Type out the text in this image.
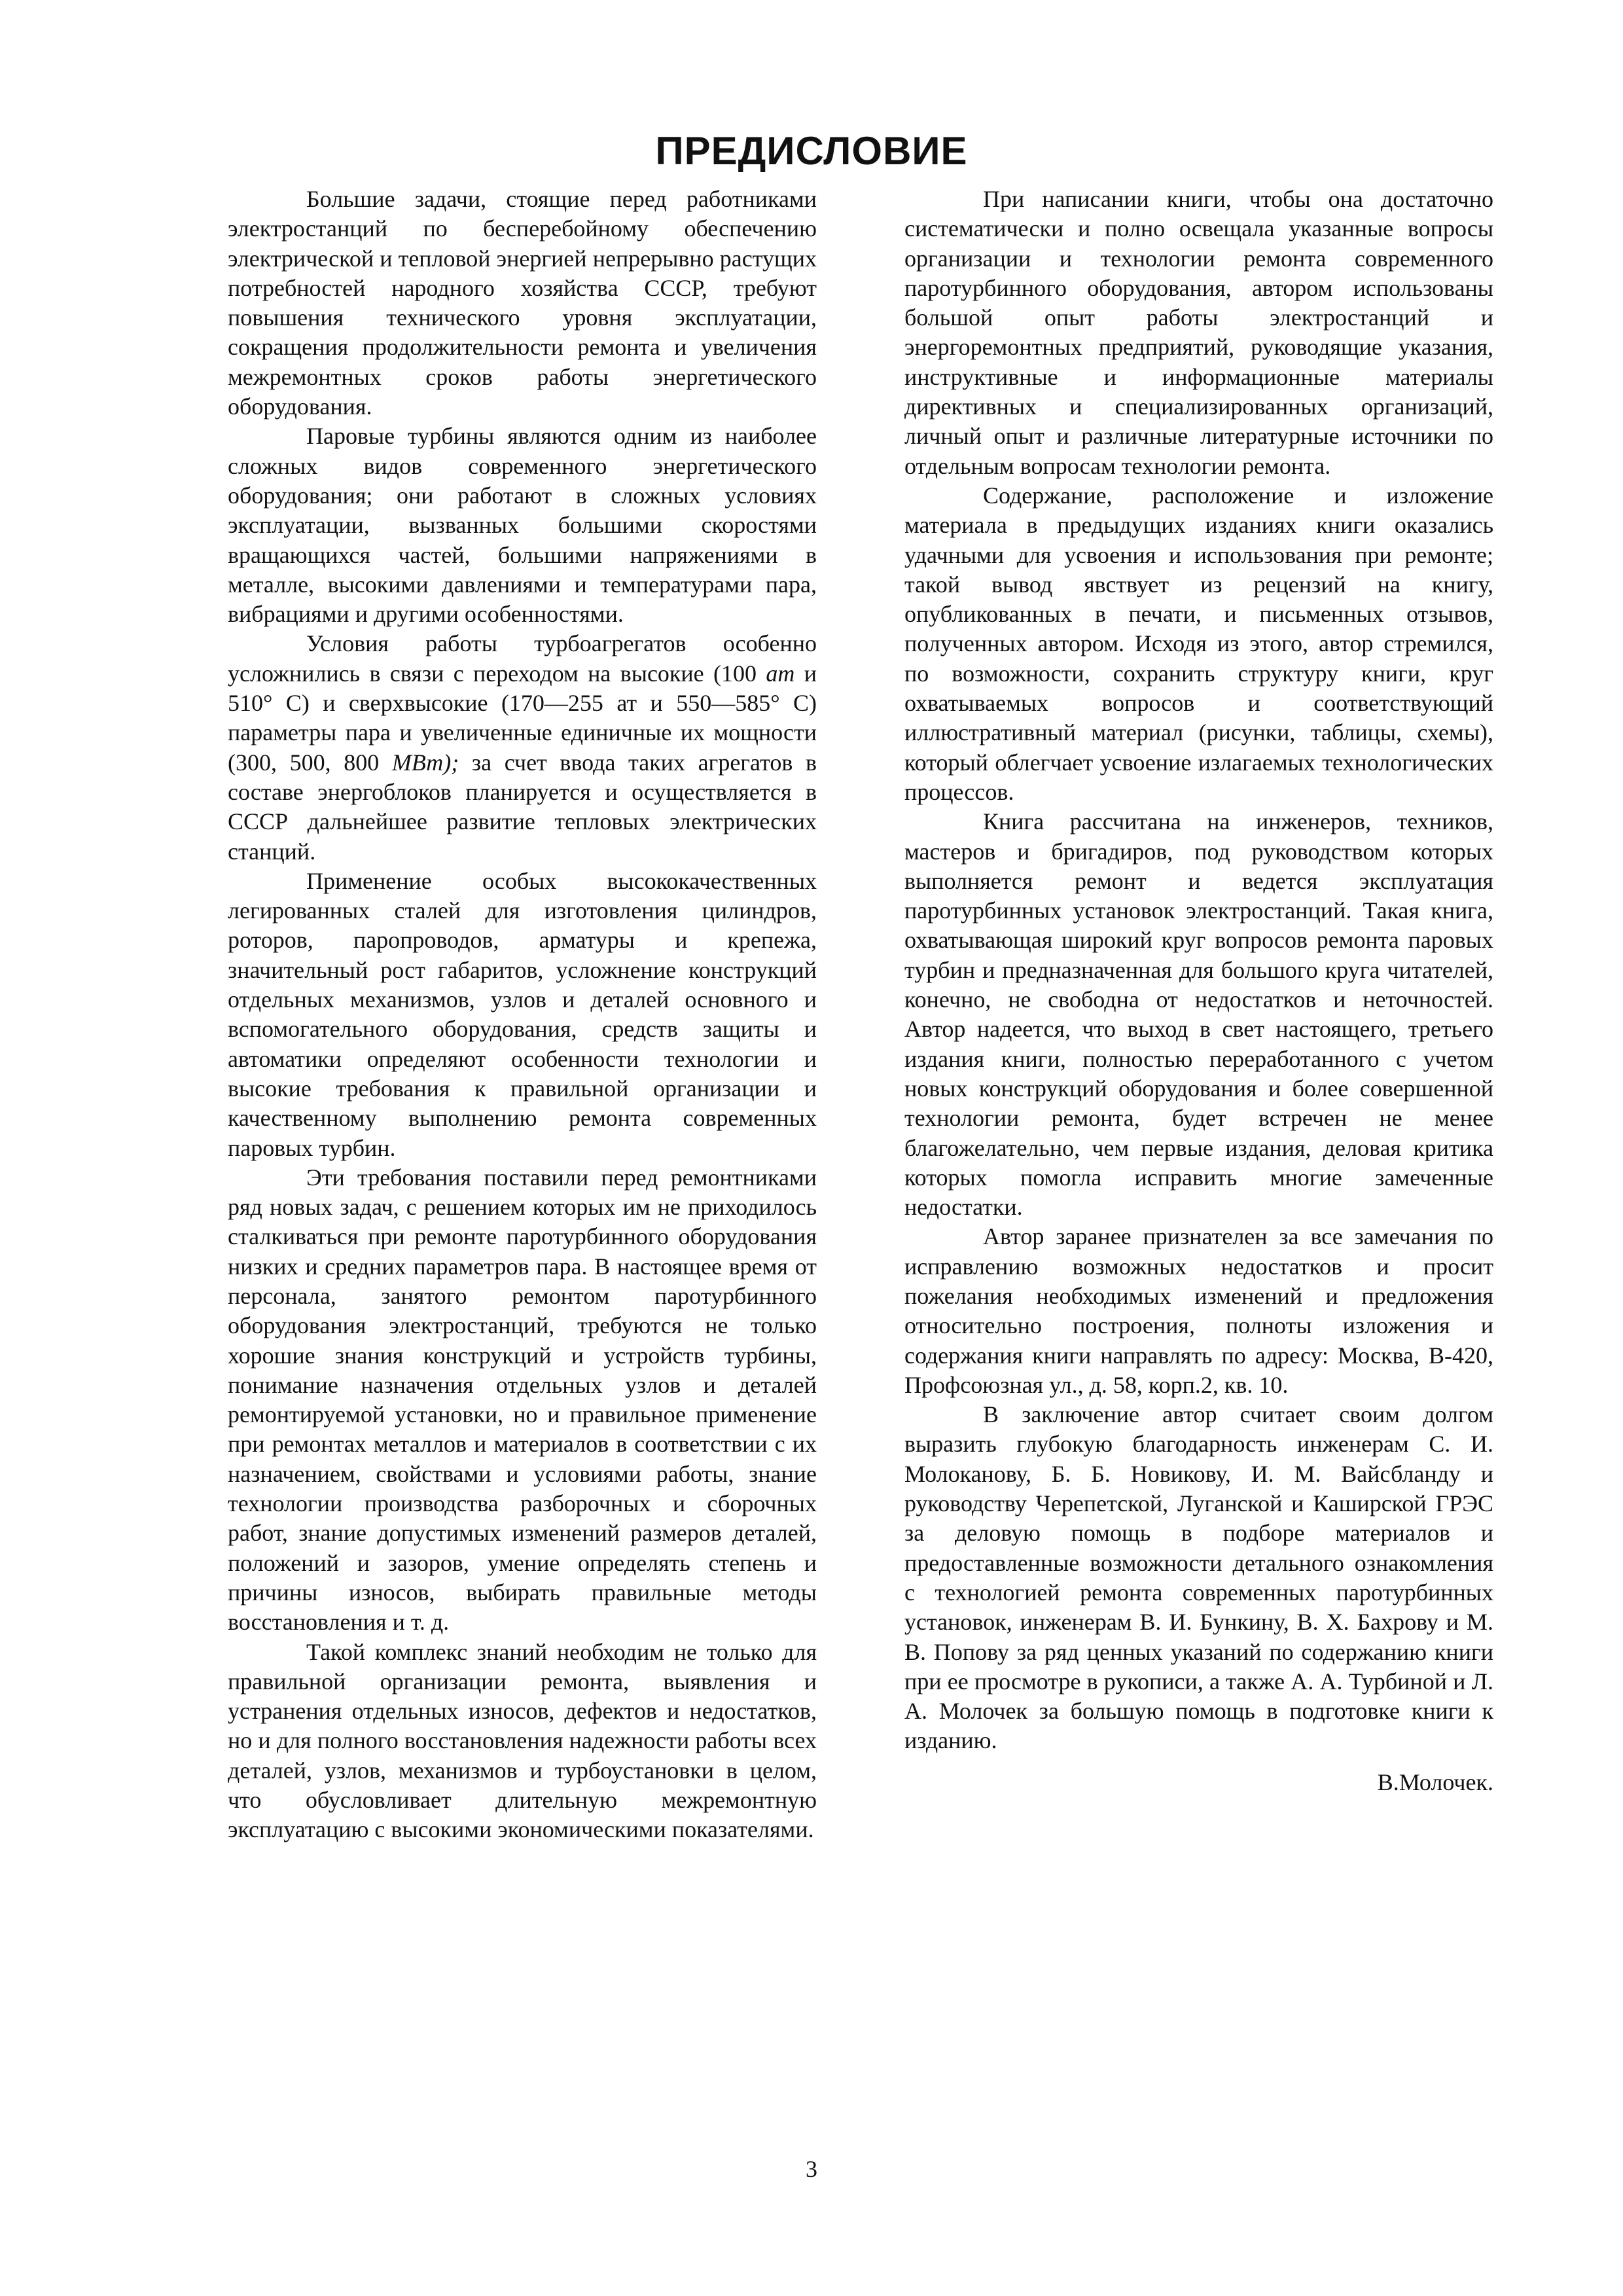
ПРЕДИСЛОВИЕ

Большие задачи, стоящие перед работниками электростанций по бесперебойному обеспечению электрической и тепловой энергией непрерывно растущих потребностей народного хозяйства СССР, требуют повышения технического уровня эксплуатации, сокращения продолжительности ремонта и увеличения межремонтных сроков работы энергетического оборудования.

Паровые турбины являются одним из наиболее сложных видов современного энергетического оборудования; они работают в сложных условиях эксплуатации, вызванных большими скоростями вращающихся частей, большими напряжениями в металле, высокими давлениями и температурами пара, вибрациями и другими особенностями.

Условия работы турбоагрегатов особенно усложнились в связи с переходом на высокие (100 ат и 510° С) и сверхвысокие (170—255 ат и 550—585° С) параметры пара и увеличенные единичные их мощности (300, 500, 800 МВт); за счет ввода таких агрегатов в составе энергоблоков планируется и осуществляется в СССР дальнейшее развитие тепловых электрических станций.

Применение особых высококачественных легированных сталей для изготовления цилиндров, роторов, паропроводов, арматуры и крепежа, значительный рост габаритов, усложнение конструкций отдельных механизмов, узлов и деталей основного и вспомогательного оборудования, средств защиты и автоматики определяют особенности технологии и высокие требования к правильной организации и качественному выполнению ремонта современных паровых турбин.

Эти требования поставили перед ремонтниками ряд новых задач, с решением которых им не приходилось сталкиваться при ремонте паротурбинного оборудования низких и средних параметров пара. В настоящее время от персонала, занятого ремонтом паротурбинного оборудования электростанций, требуются не только хорошие знания конструкций и устройств турбины, понимание назначения отдельных узлов и деталей ремонтируемой установки, но и правильное применение при ремонтах металлов и материалов в соответствии с их назначением, свойствами и условиями работы, знание технологии производства разборочных и сборочных работ, знание допустимых изменений размеров деталей, положений и зазоров, умение определять степень и причины износов, выбирать правильные методы восстановления и т. д.

Такой комплекс знаний необходим не только для правильной организации ремонта, выявления и устранения отдельных износов, дефектов и недостатков, но и для полного восстановления надежности работы всех деталей, узлов, механизмов и турбоустановки в целом, что обусловливает длительную межремонтную эксплуатацию с высокими экономическими показателями.

При написании книги, чтобы она достаточно систематически и полно освещала указанные вопросы организации и технологии ремонта современного паротурбинного оборудования, автором использованы большой опыт работы электростанций и энергоремонтных предприятий, руководящие указания, инструктивные и информационные материалы директивных и специализированных организаций, личный опыт и различные литературные источники по отдельным вопросам технологии ремонта.

Содержание, расположение и изложение материала в предыдущих изданиях книги оказались удачными для усвоения и использования при ремонте; такой вывод явствует из рецензий на книгу, опубликованных в печати, и письменных отзывов, полученных автором. Исходя из этого, автор стремился, по возможности, сохранить структуру книги, круг охватываемых вопросов и соответствующий иллюстративный материал (рисунки, таблицы, схемы), который облегчает усвоение излагаемых технологических процессов.

Книга рассчитана на инженеров, техников, мастеров и бригадиров, под руководством которых выполняется ремонт и ведется эксплуатация паротурбинных установок электростанций. Такая книга, охватывающая широкий круг вопросов ремонта паровых турбин и предназначенная для большого круга читателей, конечно, не свободна от недостатков и неточностей. Автор надеется, что выход в свет настоящего, третьего издания книги, полностью переработанного с учетом новых конструкций оборудования и более совершенной технологии ремонта, будет встречен не менее благожелательно, чем первые издания, деловая критика которых помогла исправить многие замеченные недостатки.

Автор заранее признателен за все замечания по исправлению возможных недостатков и просит пожелания необходимых изменений и предложения относительно построения, полноты изложения и содержания книги направлять по адресу: Москва, В-420, Профсоюзная ул., д. 58, корп.2, кв. 10.

В заключение автор считает своим долгом выразить глубокую благодарность инженерам С. И. Молоканову, Б. Б. Новикову, И. М. Вайсбланду и руководству Черепетской, Луганской и Каширской ГРЭС за деловую помощь в подборе материалов и предоставленные возможности детального ознакомления с технологией ремонта современных паротурбинных установок, инженерам В. И. Бункину, В. Х. Бахрову и М. В. Попову за ряд ценных указаний по содержанию книги при ее просмотре в рукописи, а также А. А. Турбиной и Л. А. Молочек за большую помощь в подготовке книги к изданию.

В.Молочек.

3
